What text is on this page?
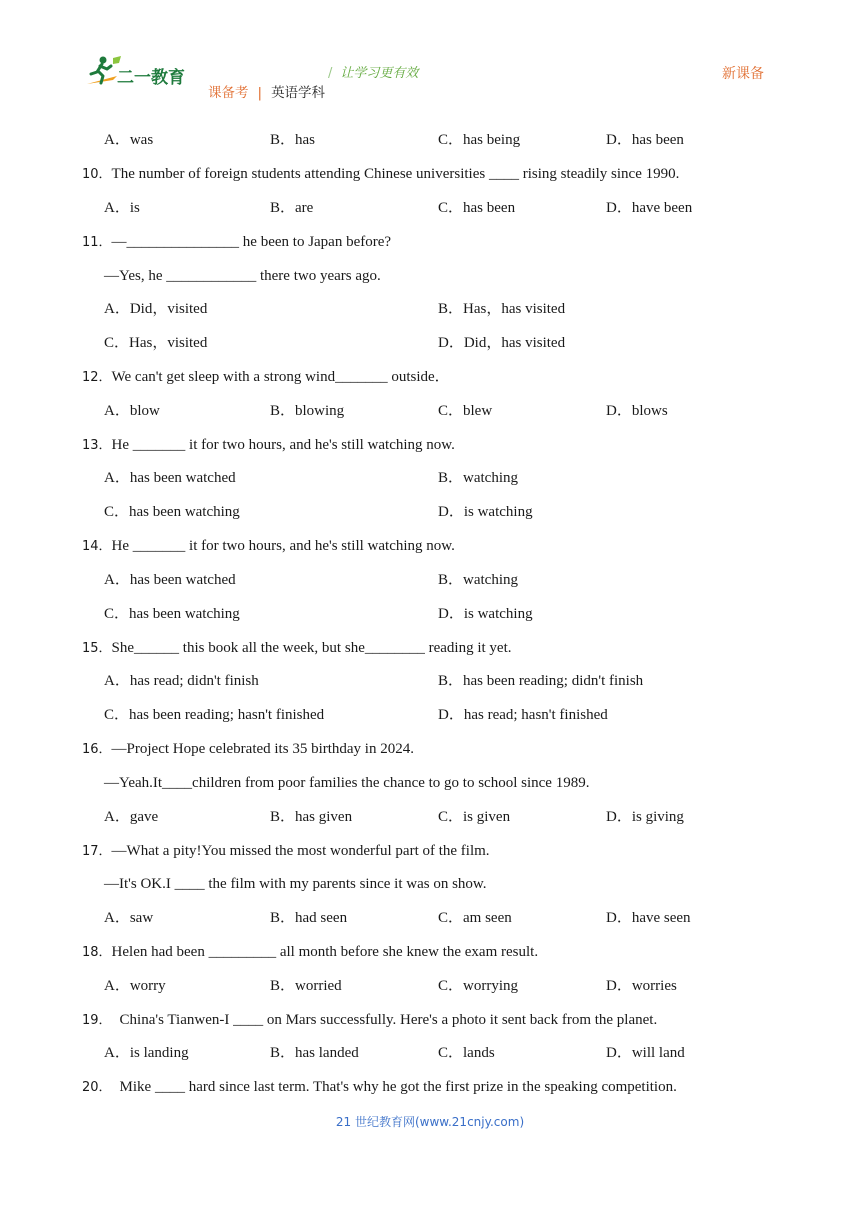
二一教育	/ 让学习更有效	新课备
课备考 | 英语学科
A．was	B．has	C．has being	D．has been
10．The number of foreign students attending Chinese universities ____ rising steadily since 1990.
A．is	B．are	C．has been	D．have been
11．—_______________ he been to Japan before?
—Yes, he ____________ there two years ago.
A．Did，visited	B．Has，has visited
C．Has，visited	D．Did，has visited
12．We can't get sleep with a strong wind_______ outside．
A．blow	B．blowing	C．blew	D．blows
13．He _______ it for two hours, and he's still watching now.
A．has been watched	B．watching
C．has been watching	D．is watching
14．He _______ it for two hours, and he's still watching now.
A．has been watched	B．watching
C．has been watching	D．is watching
15．She______ this book all the week, but she________ reading it yet.
A．has read; didn't finish	B．has been reading; didn't finish
C．has been reading; hasn't finished	D．has read; hasn't finished
16．—Project Hope celebrated its 35 birthday in 2024.
—Yeah.It____children from poor families the chance to go to school since 1989.
A．gave	B．has given	C．is given	D．is giving
17．—What a pity!You missed the most wonderful part of the film.
—It's OK.I ____ the film with my parents since it was on show.
A．saw	B．had seen	C．am seen	D．have seen
18．Helen had been _________ all month before she knew the exam result.
A．worry	B．worried	C．worrying	D．worries
19． China's Tianwen-I ____ on Mars successfully. Here's a photo it sent back from the planet.
A．is landing	B．has landed	C．lands	D．will land
20． Mike ____ hard since last term. That's why he got the first prize in the speaking competition.
21 世纪教育网(www.21cnjy.com)
